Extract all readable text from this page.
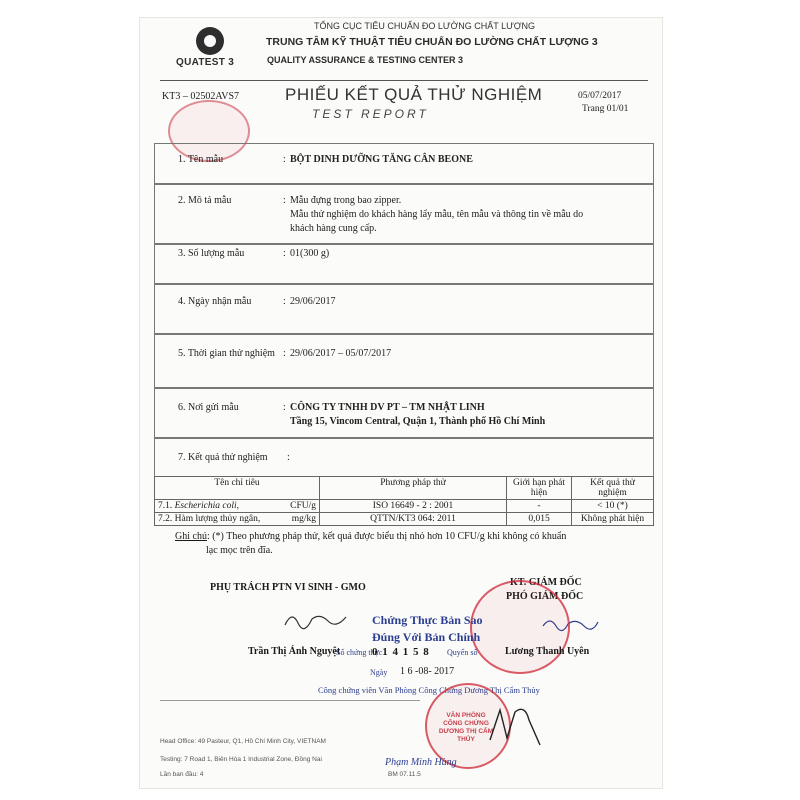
QUATEST 3
TỔNG CỤC TIÊU CHUẨN ĐO LƯỜNG CHẤT LƯỢNG
TRUNG TÂM KỸ THUẬT TIÊU CHUẨN ĐO LƯỜNG CHẤT LƯỢNG 3
QUALITY ASSURANCE & TESTING CENTER 3
KT3 – 02502AVS7	PHIẾU KẾT QUẢ THỬ NGHIỆM
TEST REPORT
05/07/2017
Trang 01/01
1. Tên mẫu	: BỘT DINH DƯỠNG TĂNG CÂN BEONE
2. Mô tả mẫu	: Mẫu đựng trong bao zipper.
Mẫu thử nghiệm do khách hàng lấy mẫu, tên mẫu và thông tin về mẫu do
khách hàng cung cấp.
3. Số lượng mẫu	: 01(300 g)
4. Ngày nhận mẫu	: 29/06/2017
5. Thời gian thử nghiệm : 29/06/2017 – 05/07/2017
6. Nơi gửi mẫu	: CÔNG TY TNHH DV PT – TM NHẬT LINH
Tầng 15, Vincom Central, Quận 1, Thành phố Hồ Chí Minh
7. Kết quả thử nghiệm :
Tên chỉ tiêu	Phương pháp thử	Giới hạn phát hiện	Kết quả thử nghiệm
7.1. Escherichia coli, CFU/g	ISO 16649 - 2 : 2001	-	< 10 (*)
7.2. Hàm lượng thủy ngân, mg/kg	QTTN/KT3 064: 2011	0,015	Không phát hiện
Ghi chú: (*) Theo phương pháp thử, kết quả được biểu thị nhỏ hơn 10 CFU/g khi không có khuẩn
lạc mọc trên đĩa.
PHỤ TRÁCH PTN VI SINH - GMO	KT. GIÁM ĐỐC
PHÓ GIÁM ĐỐC
Trần Thị Ánh Nguyệt	Lương Thanh Uyên
Chứng Thực Bản Sao
Đúng Với Bản Chính
Số chứng thực
0 1 4 1 5 8 Quyển số
Ngày 1 6 -08- 2017
Công chứng viên Văn Phòng Công Chứng Dương Thị Cẩm Thủy
VĂN PHÒNG CÔNG CHỨNG DƯƠNG THỊ CẨM THỦY
Phạm Minh Hùng
Head Office: 49 Pasteur, Q1, Hồ Chí Minh City, VIETNAM
Testing: 7 Road 1, Biên Hòa 1 Industrial Zone, Đồng Nai
Lần ban đầu: 4	BM 07.11.5
